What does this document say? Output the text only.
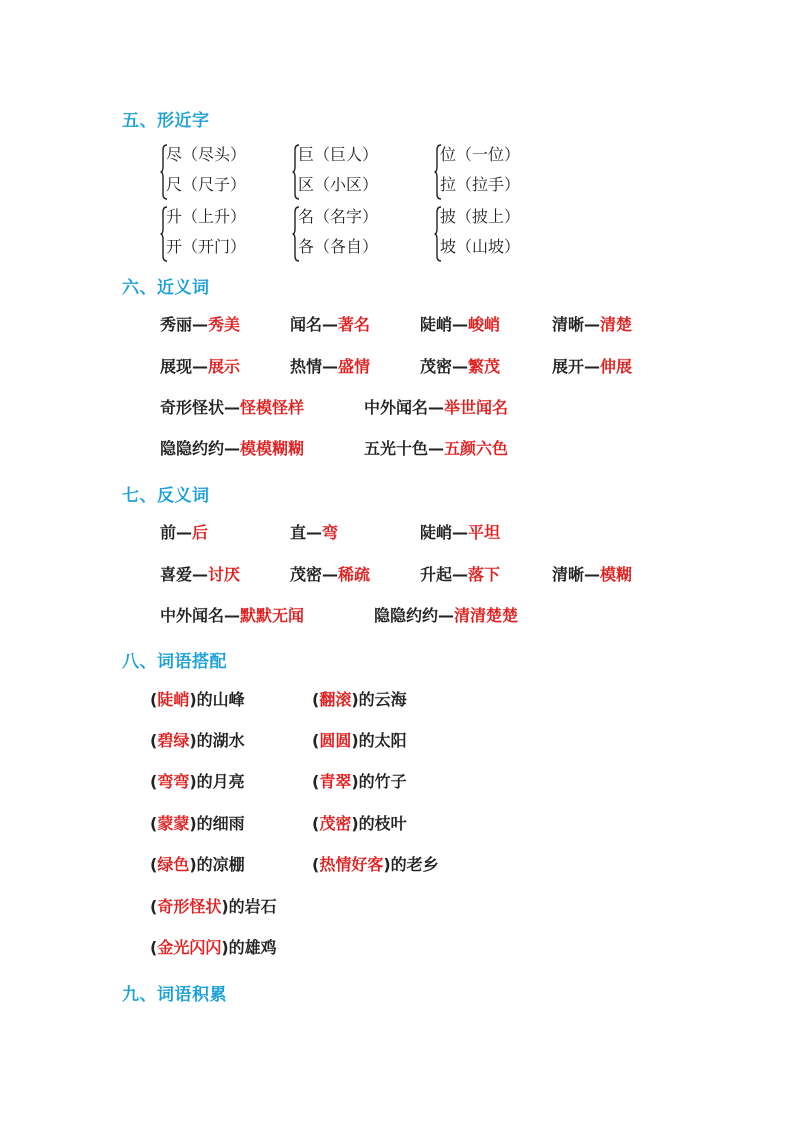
五、形近字
尽（尽头）
尺（尺子）
巨（巨人）
区（小区）
位（一位）
拉（拉手）
升（上升）
开（开门）
名（名字）
各（各自）
披（披上）
坡（山坡）
六、近义词
秀丽—秀美	闻名—著名	陡峭—峻峭	清晰—清楚
展现—展示	热情—盛情	茂密—繁茂	展开—伸展
奇形怪状—怪模怪样	中外闻名—举世闻名
隐隐约约—模模糊糊	五光十色—五颜六色
七、反义词
前—后	直—弯	陡峭—平坦
喜爱—讨厌	茂密—稀疏	升起—落下	清晰—模糊
中外闻名—默默无闻	隐隐约约—清清楚楚
八、词语搭配
(陡峭)的山峰	(翻滚)的云海
(碧绿)的湖水	(圆圆)的太阳
(弯弯)的月亮	(青翠)的竹子
(蒙蒙)的细雨	(茂密)的枝叶
(绿色)的凉棚	(热情好客)的老乡
(奇形怪状)的岩石
(金光闪闪)的雄鸡
九、词语积累
